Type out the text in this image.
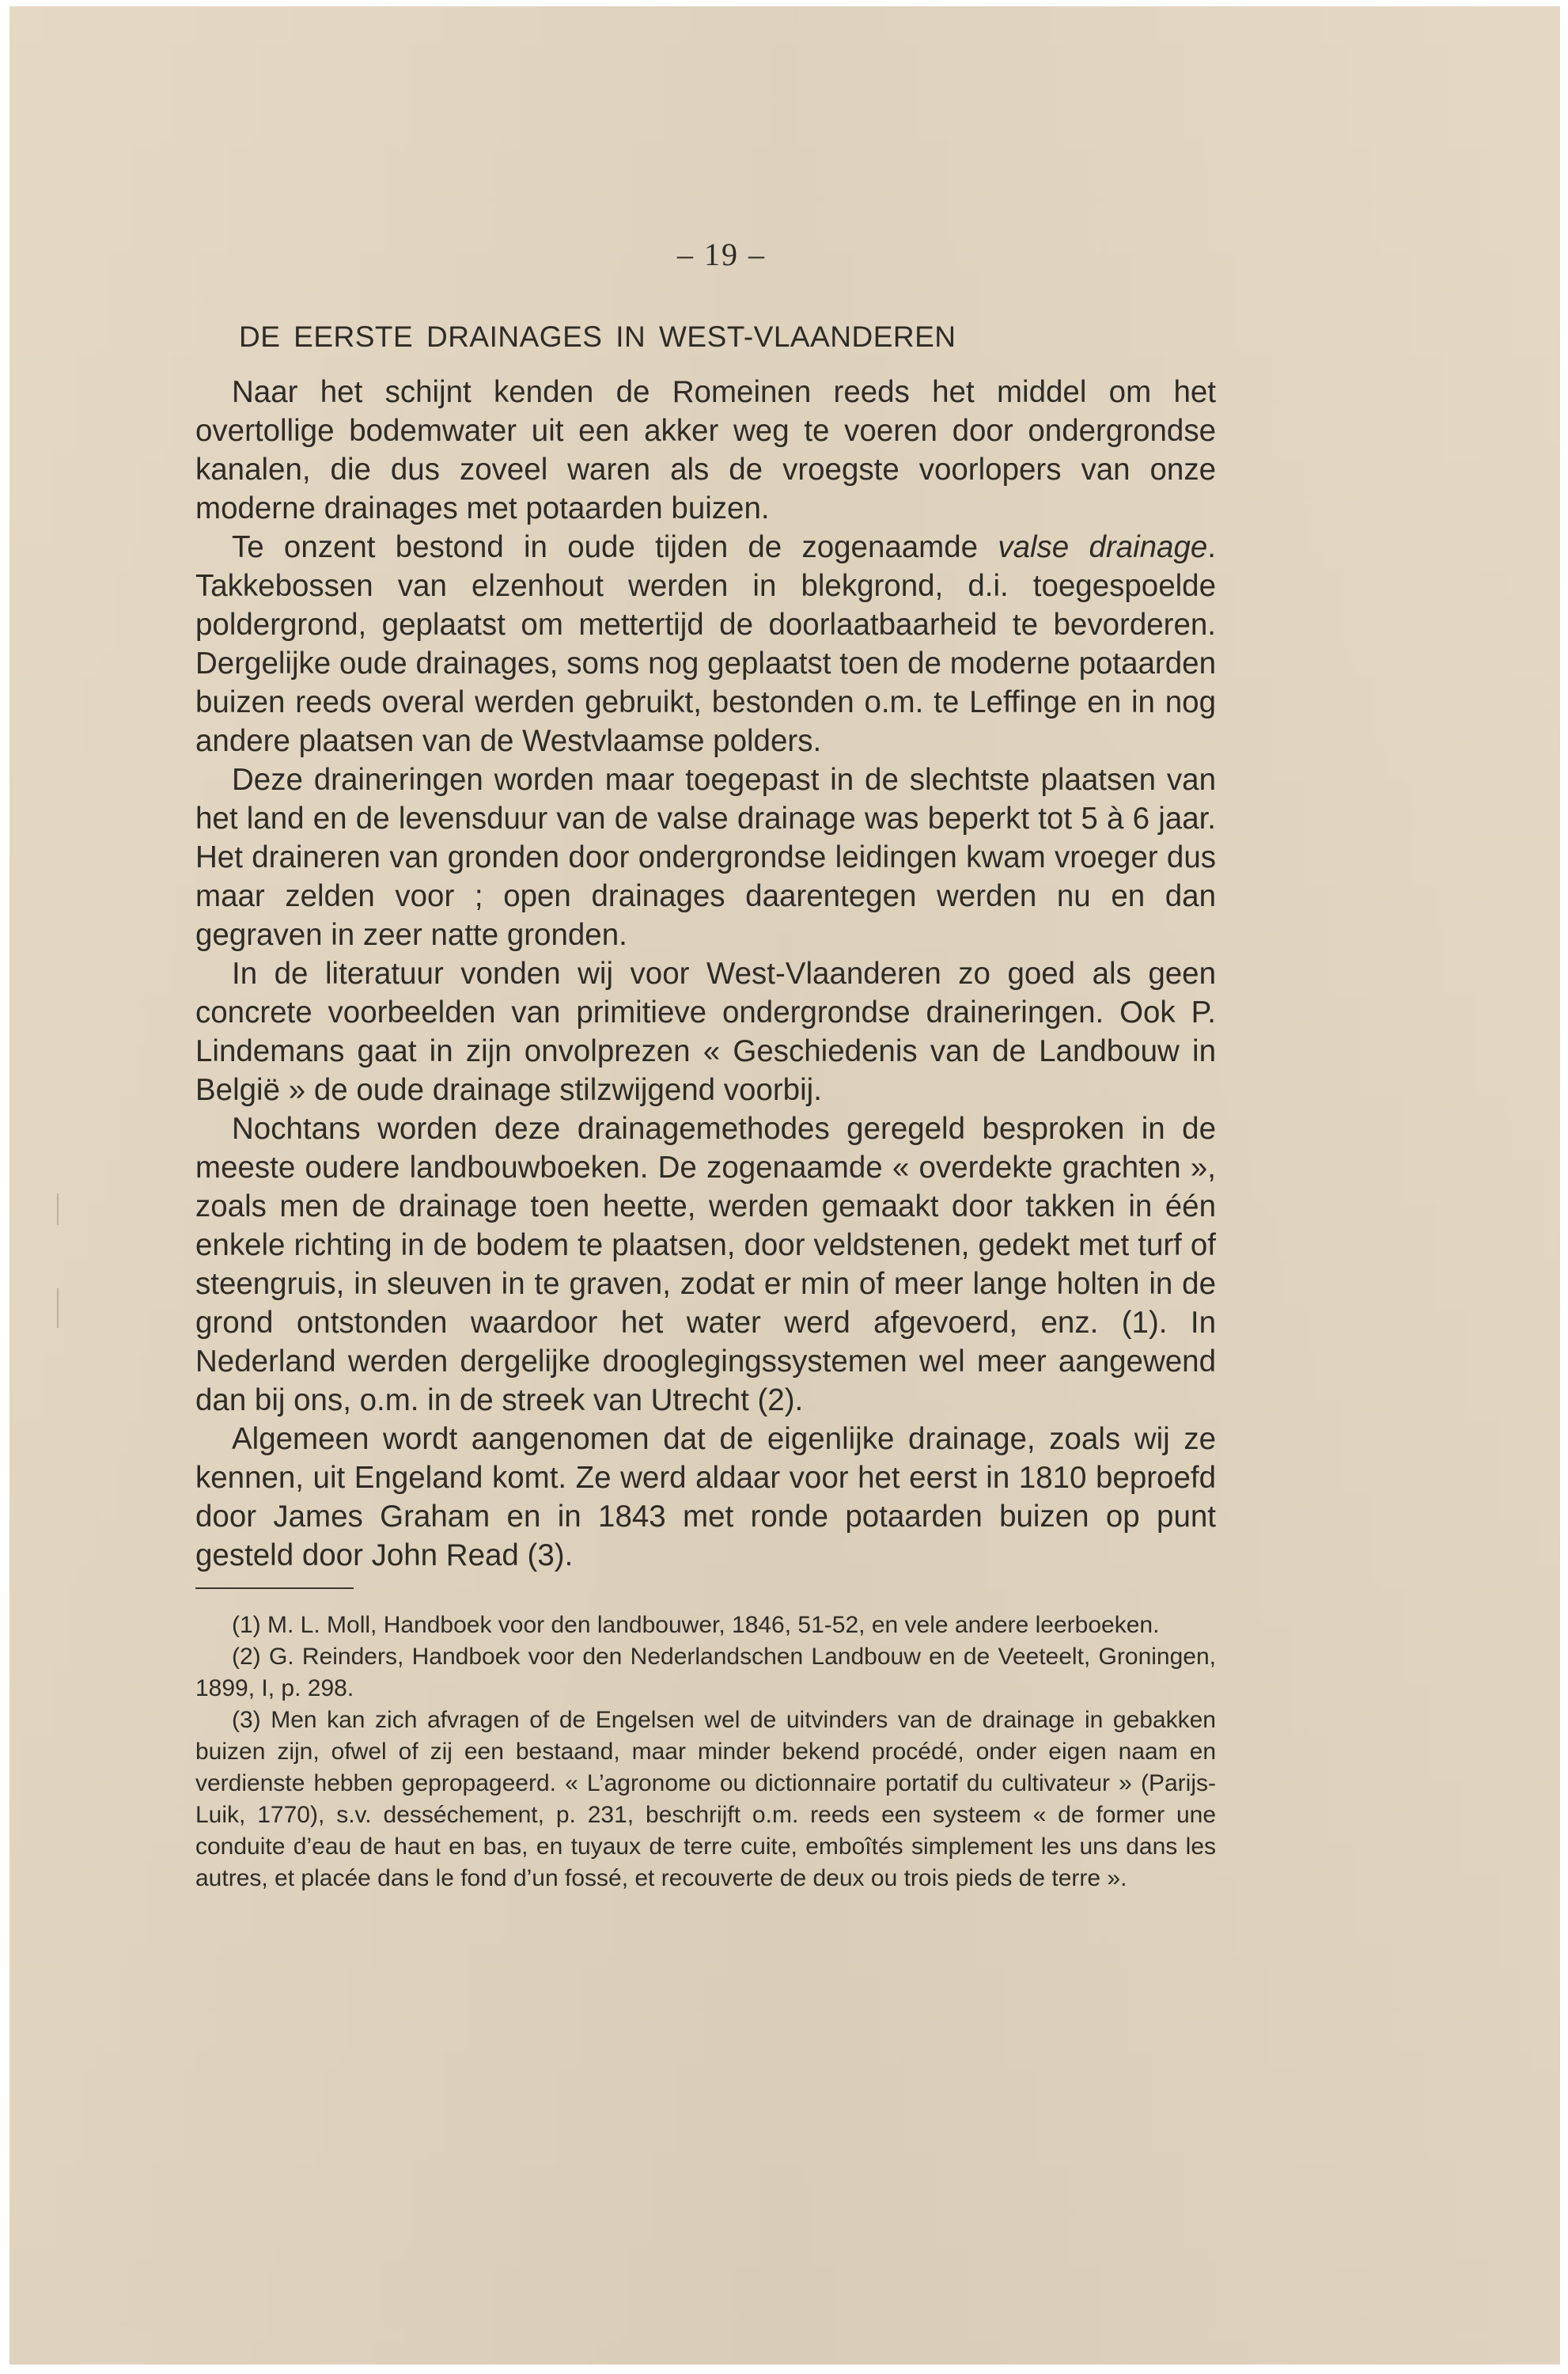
– 19 –
DE EERSTE DRAINAGES IN WEST-VLAANDEREN

Naar het schijnt kenden de Romeinen reeds het middel om het overtollige bodemwater uit een akker weg te voeren door ondergrondse kanalen, die dus zoveel waren als de vroegste voorlopers van onze moderne drainages met potaarden buizen.

Te onzent bestond in oude tijden de zogenaamde valse drainage. Takkebossen van elzenhout werden in blekgrond, d.i. toegespoelde poldergrond, geplaatst om mettertijd de doorlaatbaarheid te bevorderen. Dergelijke oude drainages, soms nog geplaatst toen de moderne potaarden buizen reeds overal werden gebruikt, bestonden o.m. te Leffinge en in nog andere plaatsen van de Westvlaamse polders.

Deze draineringen worden maar toegepast in de slechtste plaatsen van het land en de levensduur van de valse drainage was beperkt tot 5 à 6 jaar. Het draineren van gronden door ondergrondse leidingen kwam vroeger dus maar zelden voor ; open drainages daarentegen werden nu en dan gegraven in zeer natte gronden.

In de literatuur vonden wij voor West-Vlaanderen zo goed als geen concrete voorbeelden van primitieve ondergrondse draineringen. Ook P. Lindemans gaat in zijn onvolprezen « Geschiedenis van de Landbouw in België » de oude drainage stilzwijgend voorbij.

Nochtans worden deze drainagemethodes geregeld besproken in de meeste oudere landbouwboeken. De zogenaamde « overdekte grachten », zoals men de drainage toen heette, werden gemaakt door takken in één enkele richting in de bodem te plaatsen, door veldstenen, gedekt met turf of steengruis, in sleuven in te graven, zodat er min of meer lange holten in de grond ontstonden waardoor het water werd afgevoerd, enz. (1). In Nederland werden dergelijke drooglegingssystemen wel meer aangewend dan bij ons, o.m. in de streek van Utrecht (2).

Algemeen wordt aangenomen dat de eigenlijke drainage, zoals wij ze kennen, uit Engeland komt. Ze werd aldaar voor het eerst in 1810 beproefd door James Graham en in 1843 met ronde potaarden buizen op punt gesteld door John Read (3).

(1) M. L. Moll, Handboek voor den landbouwer, 1846, 51-52, en vele andere leerboeken.

(2) G. Reinders, Handboek voor den Nederlandschen Landbouw en de Veeteelt, Groningen, 1899, I, p. 298.

(3) Men kan zich afvragen of de Engelsen wel de uitvinders van de drainage in gebakken buizen zijn, ofwel of zij een bestaand, maar minder bekend procédé, onder eigen naam en verdienste hebben gepropageerd. « L’agronome ou dictionnaire portatif du cultivateur » (Parijs-Luik, 1770), s.v. desséchement, p. 231, beschrijft o.m. reeds een systeem « de former une conduite d’eau de haut en bas, en tuyaux de terre cuite, emboîtés simplement les uns dans les autres, et placée dans le fond d’un fossé, et recouverte de deux ou trois pieds de terre ».
